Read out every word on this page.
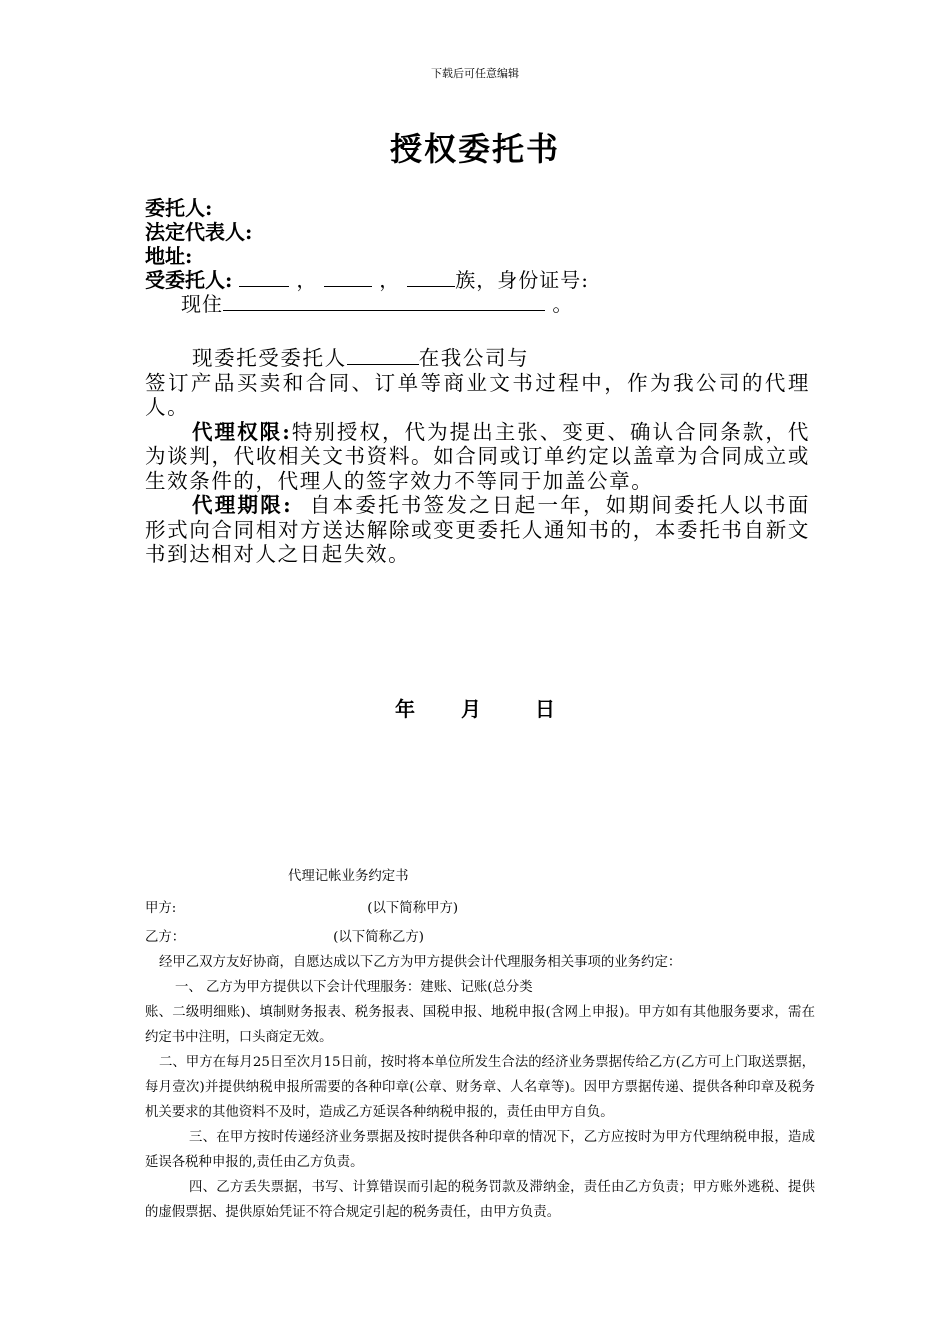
下载后可任意编辑
授权委托书
委托人:
法定代表人:
地址:
受委托人:	，	，	族，身份证号:
现住	。

现委托受委托人	在我公司与
签订产品买卖和合同、订单等商业文书过程中，作为我公司的代理人。

代理权限:特别授权，代为提出主张、变更、确认合同条款，代为谈判，代收相关文书资料。如合同或订单约定以盖章为合同成立或生效条件的，代理人的签字效力不等同于加盖公章。

代理期限: 自本委托书签发之日起一年，如期间委托人以书面形式向合同相对方送达解除或变更委托人通知书的，本委托书自新文书到达相对人之日起失效。

年 月	日

代理记帐业务约定书

甲方:	(以下简称甲方)

乙方：	(以下简称乙方)

经甲乙双方友好协商，自愿达成以下乙方为甲方提供会计代理服务相关事项的业务约定：

一、 乙方为甲方提供以下会计代理服务：建账、记账(总分类

账、二级明细账)、填制财务报表、税务报表、国税申报、地税申报(含网上申报)。甲方如有其他服务要求，需在约定书中注明，口头商定无效。

二、甲方在每月25日至次月15日前，按时将本单位所发生合法的经济业务票据传给乙方(乙方可上门取送票据，每月壹次)并提供纳税申报所需要的各种印章(公章、财务章、人名章等)。因甲方票据传递、提供各种印章及税务机关要求的其他资料不及时，造成乙方延误各种纳税申报的，责任由甲方自负。

三、在甲方按时传递经济业务票据及按时提供各种印章的情况下，乙方应按时为甲方代理纳税申报，造成延误各税种申报的,责任由乙方负责。

四、乙方丢失票据，书写、计算错误而引起的税务罚款及滞纳金，责任由乙方负责；甲方账外逃税、提供的虚假票据、提供原始凭证不符合规定引起的税务责任，由甲方负责。
